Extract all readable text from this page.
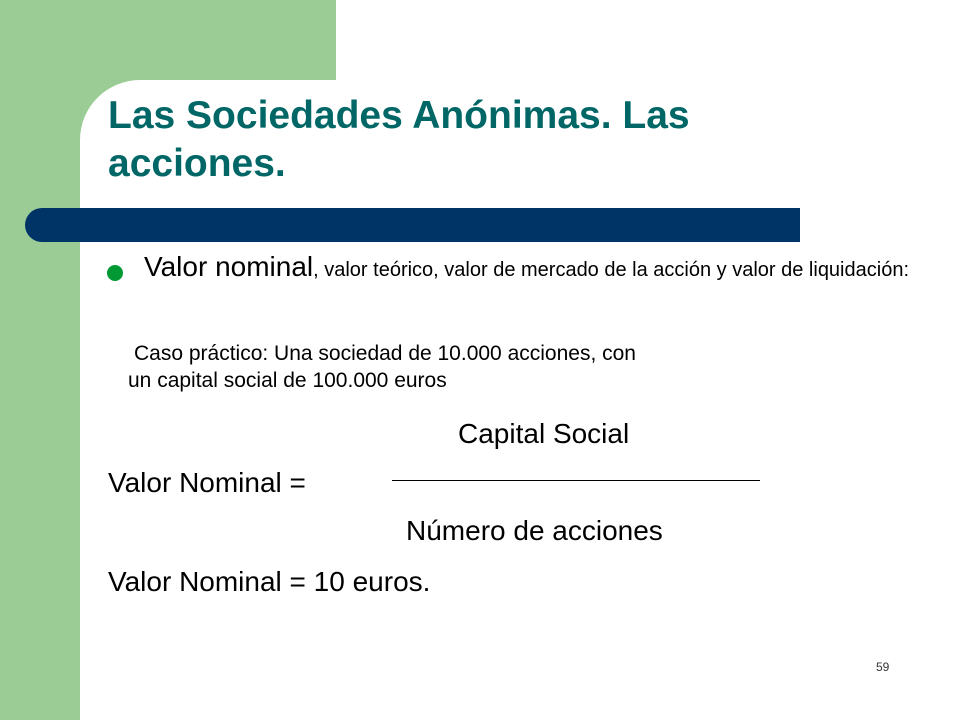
Las Sociedades Anónimas. Las acciones.
Valor nominal, valor teórico, valor de mercado de la acción y valor de liquidación:
Caso práctico: Una sociedad de 10.000 acciones, con
un capital social de 100.000 euros
Capital Social
Valor Nominal =
Número de acciones
Valor Nominal = 10 euros.
59
